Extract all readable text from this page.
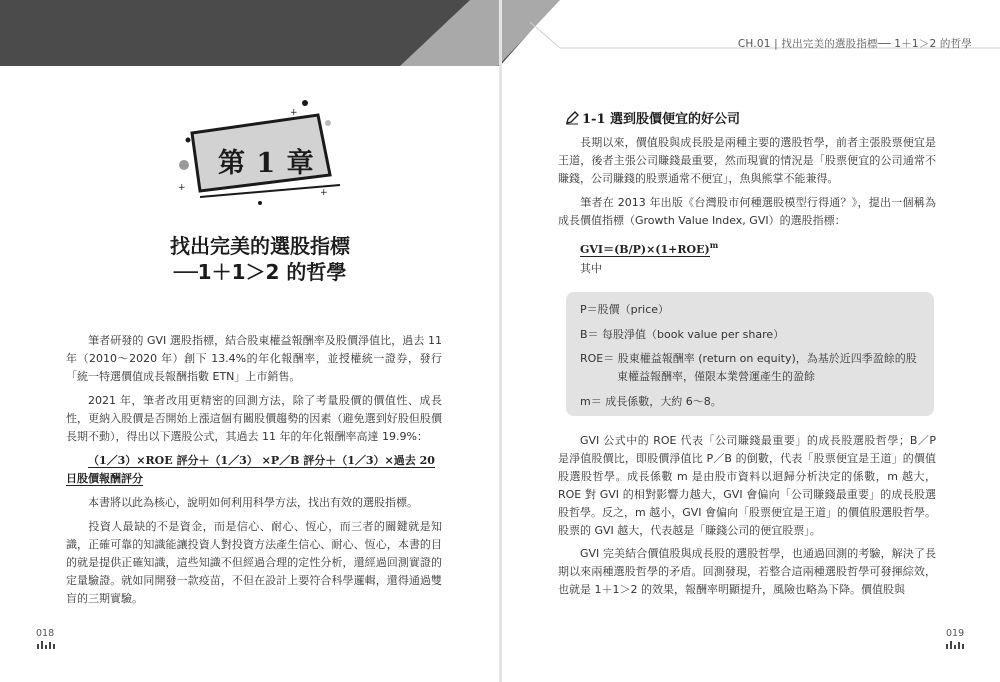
CH.01 | 找出完美的選股指標── 1＋1＞2 的哲學
+
+	+
第 1 章
找出完美的選股指標
──1＋1＞2 的哲學
筆者研發的 GVI 選股指標，結合股東權益報酬率及股價淨值比，過去 11 年（2010～2020 年）創下 13.4%的年化報酬率，並授權統一證券，發行「統一特選價值成長報酬指數 ETN」上市銷售。
2021 年，筆者改用更精密的回測方法，除了考量股價的價值性、成長性，更納入股價是否開始上漲這個有關股價趨勢的因素（避免選到好股但股價長期不動），得出以下選股公式，其過去 11 年的年化報酬率高達 19.9%：
（1／3）×ROE 評分＋（1／3） ×P／B 評分＋（1／3）×過去 20 日股價報酬評分
本書將以此為核心，說明如何利用科學方法，找出有效的選股指標。
投資人最缺的不是資金，而是信心、耐心、恆心，而三者的關鍵就是知識，正確可靠的知識能讓投資人對投資方法產生信心、耐心、恆心，本書的目的就是提供正確知識，這些知識不但經過合理的定性分析，還經過回測實證的定量驗證。就如同開發一款疫苗，不但在設計上要符合科學邏輯，還得通過雙盲的三期實驗。
018
1-1 選到股價便宜的好公司
長期以來，價值股與成長股是兩種主要的選股哲學，前者主張股票便宜是王道，後者主張公司賺錢最重要，然而現實的情況是「股票便宜的公司通常不賺錢，公司賺錢的股票通常不便宜」，魚與熊掌不能兼得。
筆者在 2013 年出版《台灣股市何種選股模型行得通？》，提出一個稱為成長價值指標（Growth Value Index, GVI）的選股指標：
$GVI=(B/P)\times(1+ROE)^m$
其中
P＝股價（price）
B＝ 每股淨值（book value per share）
ROE＝ 股東權益報酬率 (return on equity)，為基於近四季盈餘的股
東權益報酬率，僅限本業營運產生的盈餘
m＝ 成長係數，大約 6～8。
GVI 公式中的 ROE 代表「公司賺錢最重要」的成長股選股哲學；B／P 是淨值股價比，即股價淨值比 P／B 的倒數，代表「股票便宜是王道」的價值股選股哲學。成長係數 m 是由股市資料以迴歸分析決定的係數，m 越大，ROE 對 GVI 的相對影響力越大，GVI 會偏向「公司賺錢最重要」的成長股選股哲學。反之，m 越小，GVI 會偏向「股票便宜是王道」的價值股選股哲學。股票的 GVI 越大，代表越是「賺錢公司的便宜股票」。
GVI 完美結合價值股與成長股的選股哲學，也通過回測的考驗，解決了長期以來兩種選股哲學的矛盾。回測發現，若整合這兩種選股哲學可發揮綜效，也就是 1＋1＞2 的效果，報酬率明顯提升，風險也略為下降。價值股與
019
